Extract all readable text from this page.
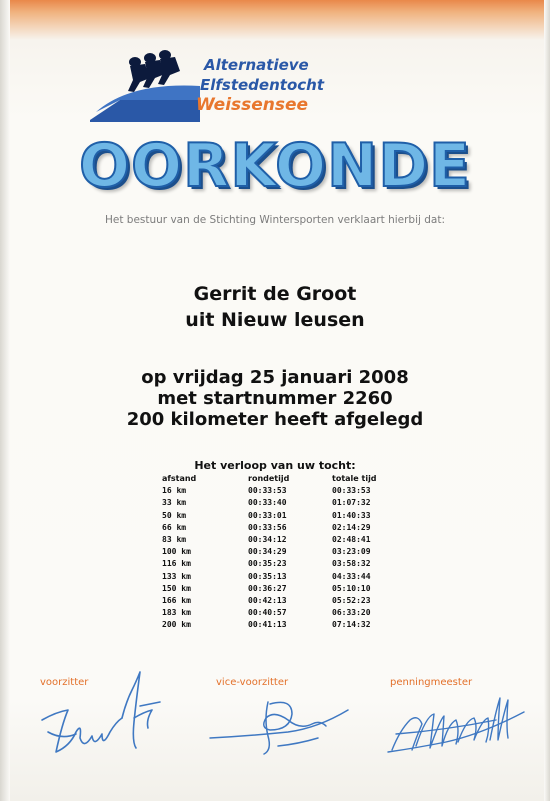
Alternatieve
Elfstedentocht
Weissensee
OORKONDE
Het bestuur van de Stichting Wintersporten verklaart hierbij dat:
Gerrit de Groot
uit Nieuw leusen
op vrijdag 25 januari 2008
met startnummer 2260
200 kilometer heeft afgelegd
Het verloop van uw tocht:
afstand	rondetijd	totale tijd
16 km	00:33:53	00:33:53
33 km	00:33:40	01:07:32
50 km	00:33:01	01:40:33
66 km	00:33:56	02:14:29
83 km	00:34:12	02:48:41
100 km	00:34:29	03:23:09
116 km	00:35:23	03:58:32
133 km	00:35:13	04:33:44
150 km	00:36:27	05:10:10
166 km	00:42:13	05:52:23
183 km	00:40:57	06:33:20
200 km	00:41:13	07:14:32
voorzitter	vice-voorzitter	penningmeester
